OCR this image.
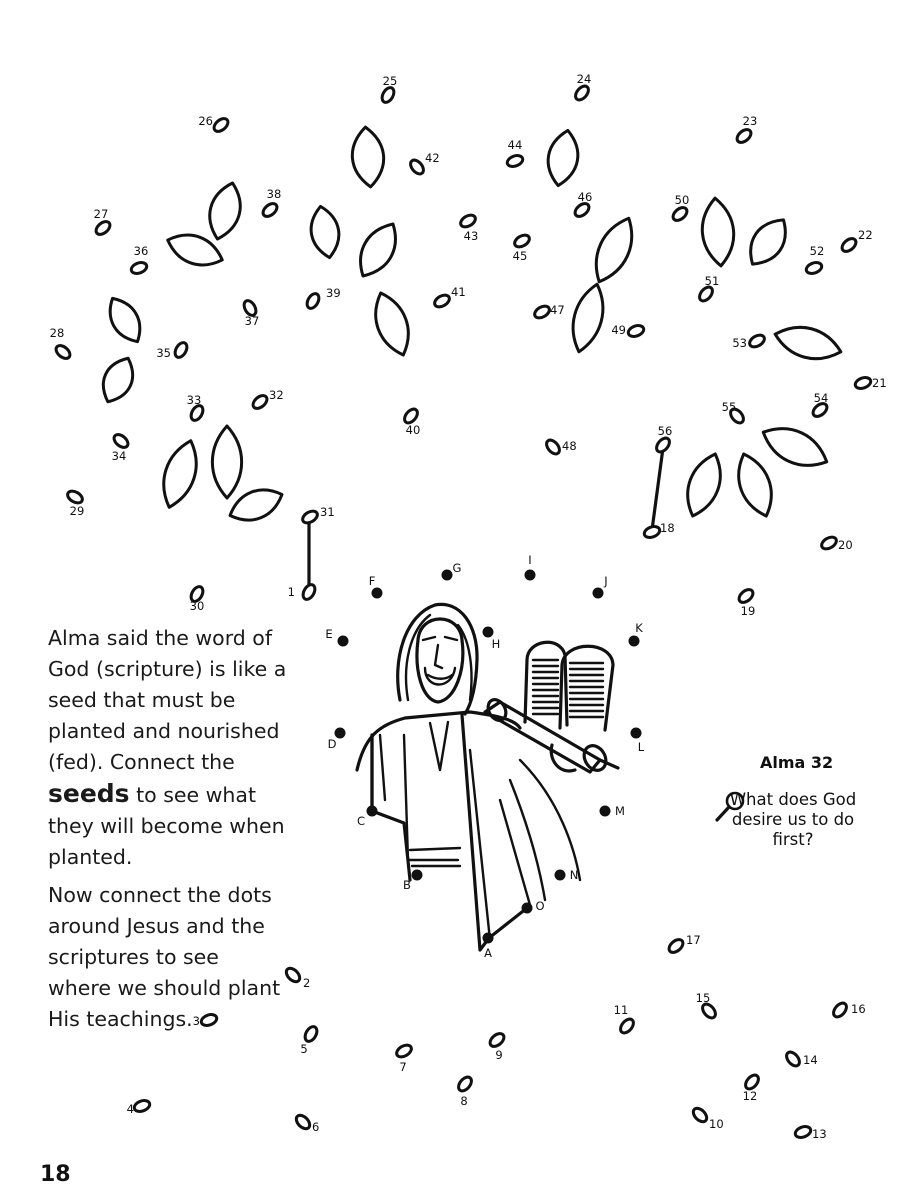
1
2
3
4
5
6
7
8
9
10
11
12
13
14
15
16
17
18
19
20
21
22
23
24
25
26
27
28
29
30
31
32
33
34
35
36
37
38
39
40
41
42
43
44
45
46
47
48
49
50
51
52
53
54
55
56
A
B
C
D
E
F
G
H
I
J
K
L
M
N
O

Alma said the word of God (scripture) is like a seed that must be planted and nourished (fed). Connect the seeds to see what they will become when planted.

Now connect the dots around Jesus and the scriptures to see where we should plant His teachings.

Alma 32
What does God desire us to do first?
18
